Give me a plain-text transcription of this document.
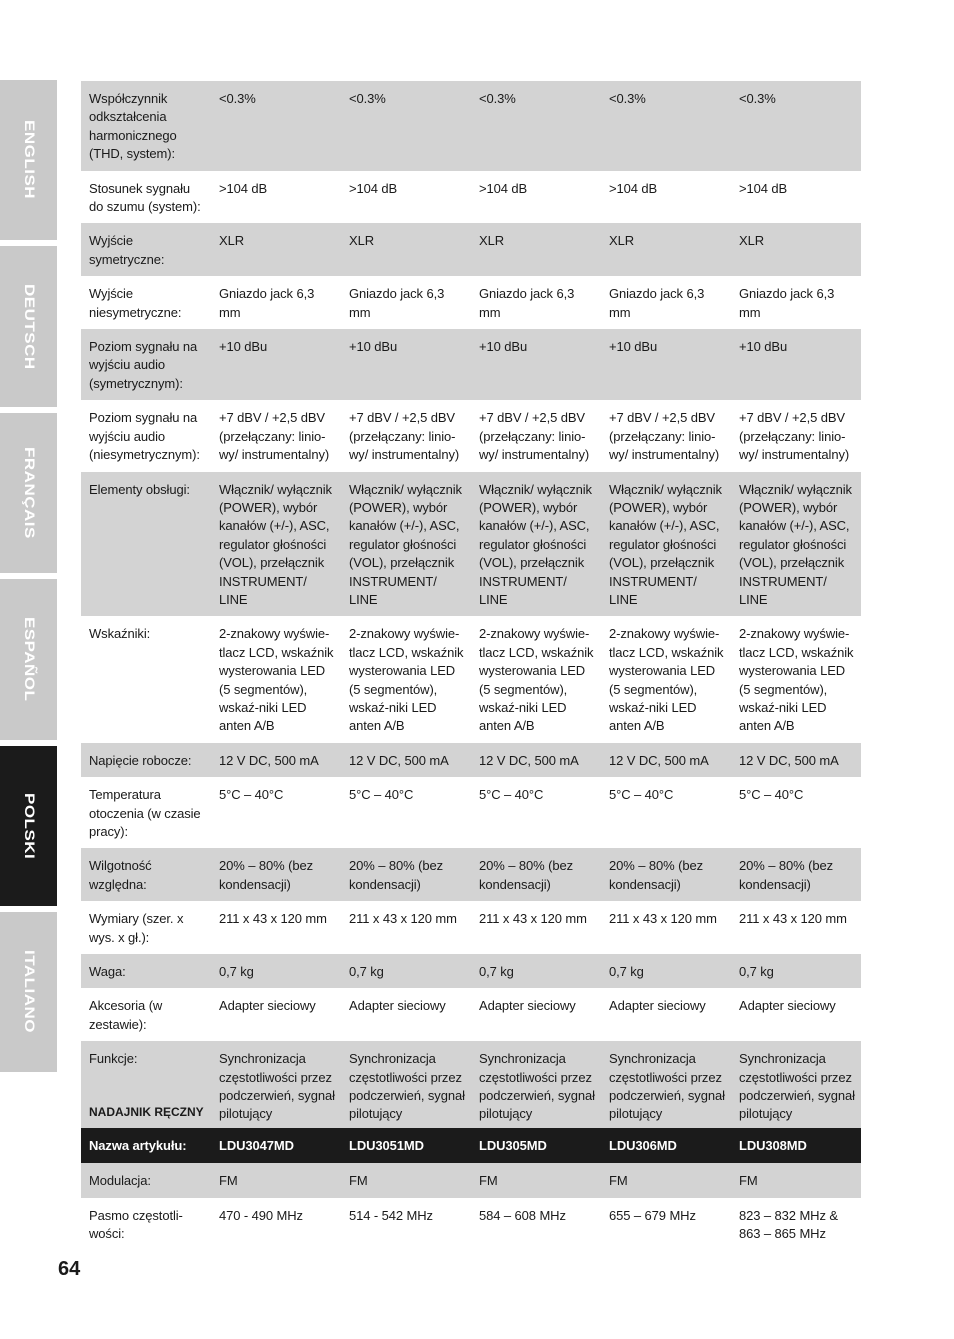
ENGLISH
DEUTSCH
FRANÇAIS
ESPAÑOL
POLSKI
ITALIANO
Współczynnik odkształcenia harmonicznego (THD, system):	<0.3%	<0.3%	<0.3%	<0.3%	<0.3%
Stosunek sygnału do szumu (system):	>104 dB	>104 dB	>104 dB	>104 dB	>104 dB
Wyjście symetryczne:	XLR	XLR	XLR	XLR	XLR
Wyjście niesymetryczne:	Gniazdo jack 6,3 mm	Gniazdo jack 6,3 mm	Gniazdo jack 6,3 mm	Gniazdo jack 6,3 mm	Gniazdo jack 6,3 mm
Poziom sygnału na wyjściu audio (symetrycznym):	+10 dBu	+10 dBu	+10 dBu	+10 dBu	+10 dBu
Poziom sygnału na wyjściu audio (niesymetrycznym):	+7 dBV / +2,5 dBV (przełączany: linio-wy/ instrumentalny)	+7 dBV / +2,5 dBV (przełączany: linio-wy/ instrumentalny)	+7 dBV / +2,5 dBV (przełączany: linio-wy/ instrumentalny)	+7 dBV / +2,5 dBV (przełączany: linio-wy/ instrumentalny)	+7 dBV / +2,5 dBV (przełączany: linio-wy/ instrumentalny)
Elementy obsługi:	Włącznik/ wyłącznik (POWER), wybór kanałów (+/-), ASC, regulator głośności (VOL), przełącznik INSTRUMENT/ LINE	Włącznik/ wyłącznik (POWER), wybór kanałów (+/-), ASC, regulator głośności (VOL), przełącznik INSTRUMENT/ LINE	Włącznik/ wyłącznik (POWER), wybór kanałów (+/-), ASC, regulator głośności (VOL), przełącznik INSTRUMENT/ LINE	Włącznik/ wyłącznik (POWER), wybór kanałów (+/-), ASC, regulator głośności (VOL), przełącznik INSTRUMENT/ LINE	Włącznik/ wyłącznik (POWER), wybór kanałów (+/-), ASC, regulator głośności (VOL), przełącznik INSTRUMENT/ LINE
Wskaźniki:	2-znakowy wyświe-tlacz LCD, wskaźnik wysterowania LED (5 segmentów), wskaź-niki LED anten A/B	2-znakowy wyświe-tlacz LCD, wskaźnik wysterowania LED (5 segmentów), wskaź-niki LED anten A/B	2-znakowy wyświe-tlacz LCD, wskaźnik wysterowania LED (5 segmentów), wskaź-niki LED anten A/B	2-znakowy wyświe-tlacz LCD, wskaźnik wysterowania LED (5 segmentów), wskaź-niki LED anten A/B	2-znakowy wyświe-tlacz LCD, wskaźnik wysterowania LED (5 segmentów), wskaź-niki LED anten A/B
Napięcie robocze:	12 V DC, 500 mA	12 V DC, 500 mA	12 V DC, 500 mA	12 V DC, 500 mA	12 V DC, 500 mA
Temperatura otoczenia (w czasie pracy):	5°C – 40°C	5°C – 40°C	5°C – 40°C	5°C – 40°C	5°C – 40°C
Wilgotność względna:	20% – 80% (bez kondensacji)	20% – 80% (bez kondensacji)	20% – 80% (bez kondensacji)	20% – 80% (bez kondensacji)	20% – 80% (bez kondensacji)
Wymiary (szer. x wys. x gł.):	211 x 43 x 120 mm	211 x 43 x 120 mm	211 x 43 x 120 mm	211 x 43 x 120 mm	211 x 43 x 120 mm
Waga:	0,7 kg	0,7 kg	0,7 kg	0,7 kg	0,7 kg
Akcesoria (w zestawie):	Adapter sieciowy	Adapter sieciowy	Adapter sieciowy	Adapter sieciowy	Adapter sieciowy
Funkcje:	Synchronizacja częstotliwości przez podczerwień, sygnał pilotujący	Synchronizacja częstotliwości przez podczerwień, sygnał pilotujący	Synchronizacja częstotliwości przez podczerwień, sygnał pilotujący	Synchronizacja częstotliwości przez podczerwień, sygnał pilotujący	Synchronizacja częstotliwości przez podczerwień, sygnał pilotujący
NADAJNIK RĘCZNY
Nazwa artykułu:	LDU3047MD	LDU3051MD	LDU305MD	LDU306MD	LDU308MD
Modulacja:	FM	FM	FM	FM	FM
Pasmo częstotli-wości:	470 - 490 MHz	514 - 542 MHz	584 – 608 MHz	655 – 679 MHz	823 – 832 MHz & 863 – 865 MHz
64
